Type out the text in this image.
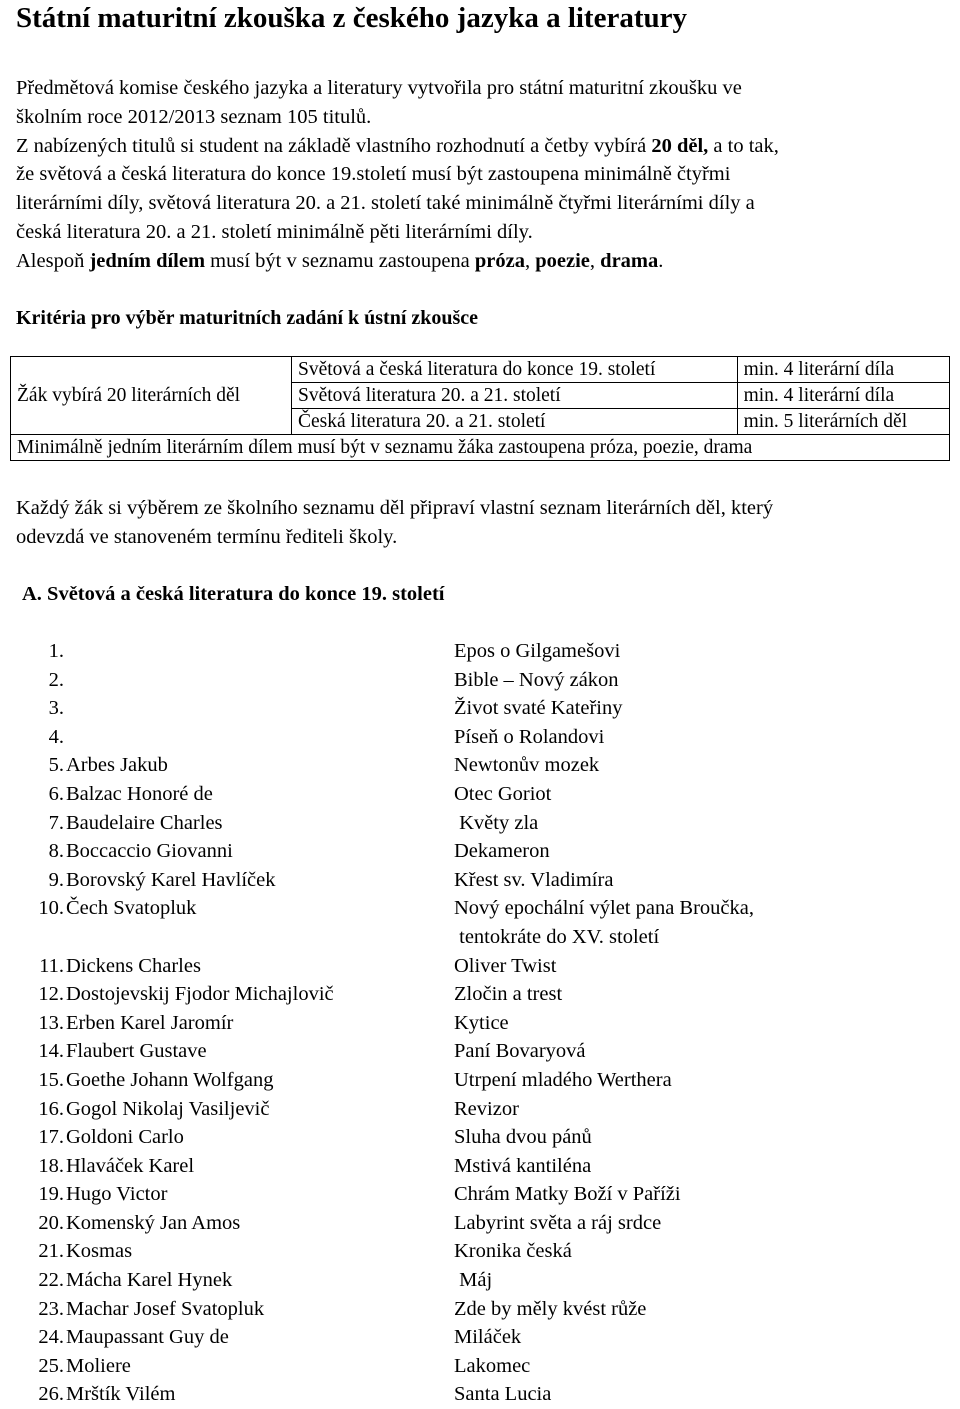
Státní maturitní zkouška z českého jazyka a literatury
Předmětová komise českého jazyka a literatury vytvořila pro státní maturitní zkoušku ve
školním roce 2012/2013 seznam 105 titulů.
Z nabízených titulů si student na základě vlastního rozhodnutí a četby vybírá 20 děl, a to tak,
že světová a česká literatura do konce 19.století musí být zastoupena minimálně čtyřmi
literárními díly, světová literatura 20. a 21. století také minimálně čtyřmi literárními díly a
česká literatura 20. a 21. století minimálně pěti literárními díly.
Alespoň jedním dílem musí být v seznamu zastoupena próza, poezie, drama.
Kritéria pro výběr maturitních zadání k ústní zkoušce
Žák vybírá 20 literárních děl	Světová a česká literatura do konce 19. století	min. 4 literární díla
	Světová literatura 20. a 21. století	min. 4 literární díla
	Česká literatura 20. a 21. století	min. 5 literárních děl
Minimálně jedním literárním dílem musí být v seznamu žáka zastoupena próza, poezie, drama		
Každý žák si výběrem ze školního seznamu děl připraví vlastní seznam literárních děl, který
odevzdá ve stanoveném termínu řediteli školy.
A. Světová a česká literatura do konce 19. století
1.	Epos o Gilgamešovi
2.	Bible – Nový zákon
3.	Život svaté Kateřiny
4.	Píseň o Rolandovi
5. Arbes Jakub	Newtonův mozek
6. Balzac Honoré de	Otec Goriot
7. Baudelaire Charles	Květy zla
8. Boccaccio Giovanni	Dekameron
9. Borovský Karel Havlíček	Křest sv. Vladimíra
10. Čech Svatopluk	Nový epochální výlet pana Broučka,
tentokráte do XV. století
11. Dickens Charles	Oliver Twist
12. Dostojevskij Fjodor Michajlovič	Zločin a trest
13. Erben Karel Jaromír	Kytice
14. Flaubert Gustave	Paní Bovaryová
15. Goethe Johann Wolfgang	Utrpení mladého Werthera
16. Gogol Nikolaj Vasiljevič	Revizor
17. Goldoni Carlo	Sluha dvou pánů
18. Hlaváček Karel	Mstivá kantiléna
19. Hugo Victor	Chrám Matky Boží v Paříži
20. Komenský Jan Amos	Labyrint světa a ráj srdce
21. Kosmas	Kronika česká
22. Mácha Karel Hynek	Máj
23. Machar Josef Svatopluk	Zde by měly kvést růže
24. Maupassant Guy de	Miláček
25. Moliere	Lakomec
26. Mrštík Vilém	Santa Lucia
